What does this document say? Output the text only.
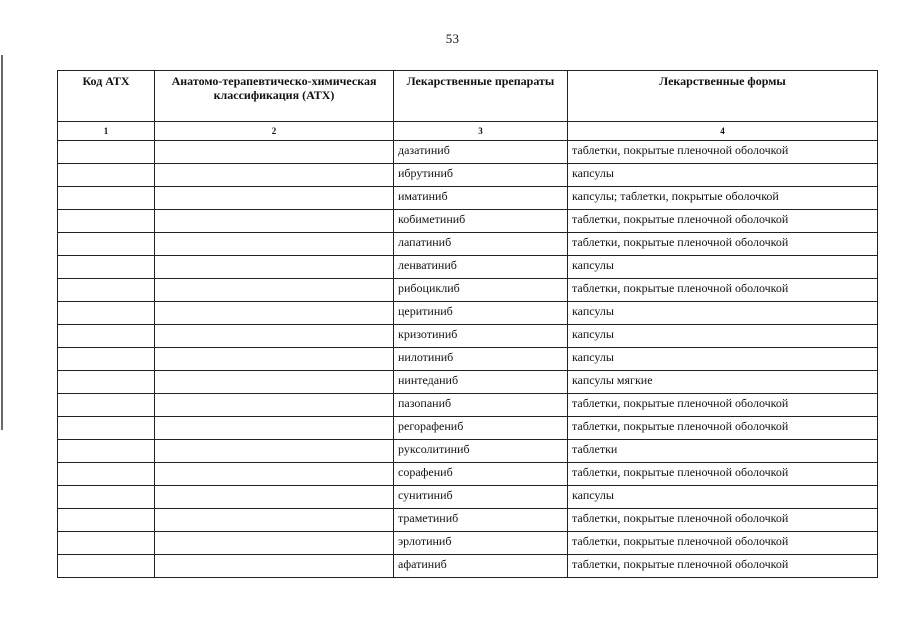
53
Код АТХ	Анатомо-терапевтическо-химическая классификация (АТХ)	Лекарственные препараты	Лекарственные формы
1	2	3	4
		дазатиниб	таблетки, покрытые пленочной оболочкой
		ибрутиниб	капсулы
		иматиниб	капсулы; таблетки, покрытые оболочкой
		кобиметиниб	таблетки, покрытые пленочной оболочкой
		лапатиниб	таблетки, покрытые пленочной оболочкой
		ленватиниб	капсулы
		рибоциклиб	таблетки, покрытые пленочной оболочкой
		церитиниб	капсулы
		кризотиниб	капсулы
		нилотиниб	капсулы
		нинтеданиб	капсулы мягкие
		пазопаниб	таблетки, покрытые пленочной оболочкой
		регорафениб	таблетки, покрытые пленочной оболочкой
		руксолитиниб	таблетки
		сорафениб	таблетки, покрытые пленочной оболочкой
		сунитиниб	капсулы
		траметиниб	таблетки, покрытые пленочной оболочкой
		эрлотиниб	таблетки, покрытые пленочной оболочкой
		афатиниб	таблетки, покрытые пленочной оболочкой
